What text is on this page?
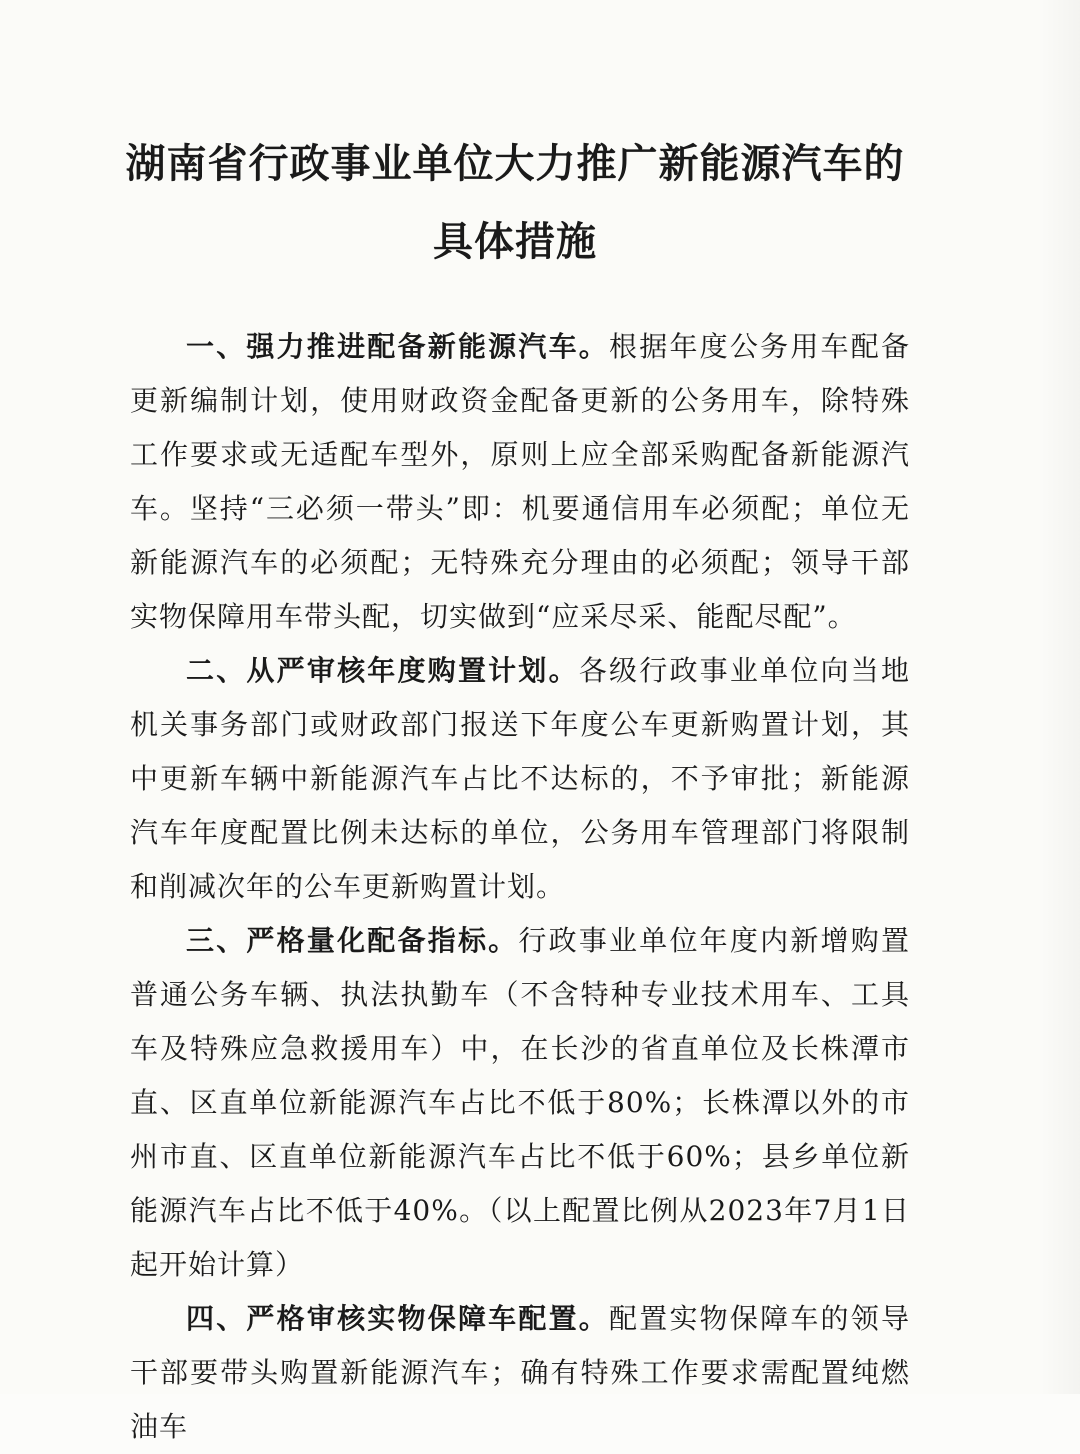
湖南省行政事业单位大力推广新能源汽车的
具体措施

一、强力推进配备新能源汽车。根据年度公务用车配备更新编制计划，使用财政资金配备更新的公务用车，除特殊工作要求或无适配车型外，原则上应全部采购配备新能源汽车。坚持“三必须一带头”即：机要通信用车必须配；单位无新能源汽车的必须配；无特殊充分理由的必须配；领导干部实物保障用车带头配，切实做到“应采尽采、能配尽配”。

二、从严审核年度购置计划。各级行政事业单位向当地机关事务部门或财政部门报送下年度公车更新购置计划，其中更新车辆中新能源汽车占比不达标的，不予审批；新能源汽车年度配置比例未达标的单位，公务用车管理部门将限制和削减次年的公车更新购置计划。

三、严格量化配备指标。行政事业单位年度内新增购置普通公务车辆、执法执勤车（不含特种专业技术用车、工具车及特殊应急救援用车）中，在长沙的省直单位及长株潭市直、区直单位新能源汽车占比不低于80%；长株潭以外的市州市直、区直单位新能源汽车占比不低于60%；县乡单位新能源汽车占比不低于40%。（以上配置比例从2023年7月1日起开始计算）

四、严格审核实物保障车配置。配置实物保障车的领导干部要带头购置新能源汽车；确有特殊工作要求需配置纯燃油车
